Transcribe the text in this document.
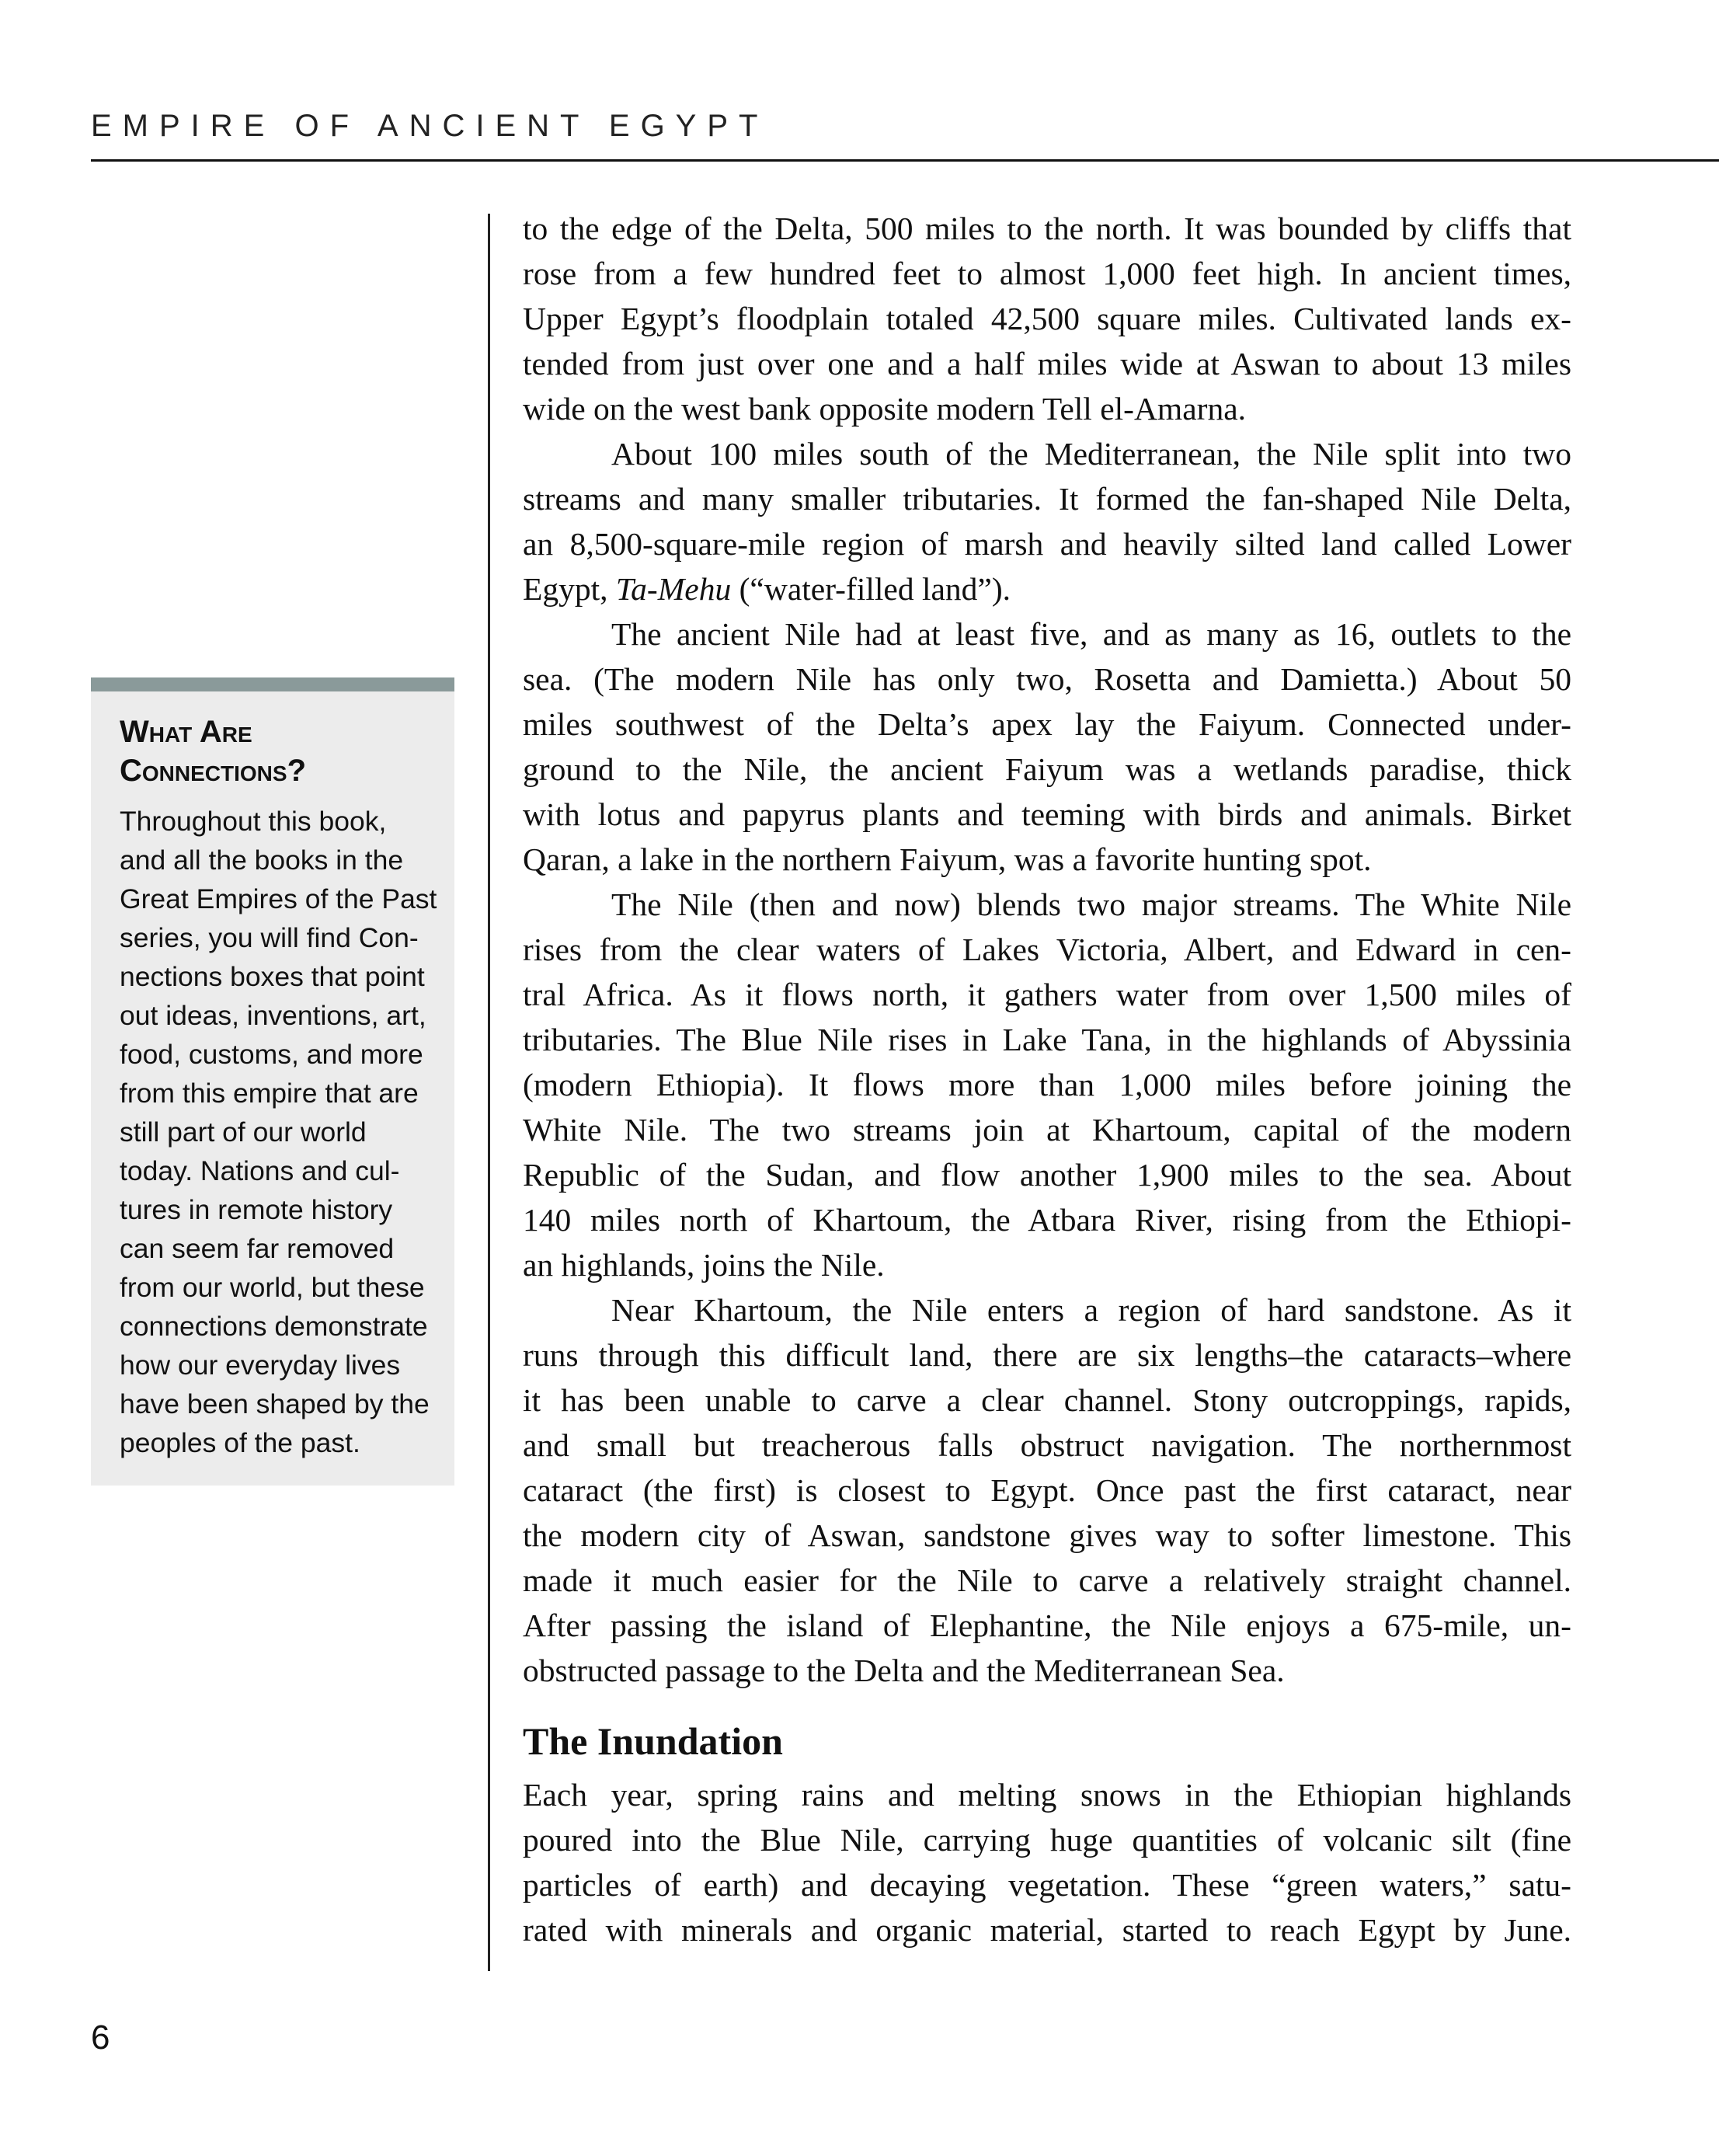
EMPIRE OF ANCIENT EGYPT
What Are
Connections?
Throughout this book,
and all the books in the
Great Empires of the Past
series, you will find Con-
nections boxes that point
out ideas, inventions, art,
food, customs, and more
from this empire that are
still part of our world
today. Nations and cul-
tures in remote history
can seem far removed
from our world, but these
connections demonstrate
how our everyday lives
have been shaped by the
peoples of the past.
to the edge of the Delta, 500 miles to the north. It was bounded by cliffs that
rose from a few hundred feet to almost 1,000 feet high. In ancient times,
Upper Egypt’s floodplain totaled 42,500 square miles. Cultivated lands ex-
tended from just over one and a half miles wide at Aswan to about 13 miles
wide on the west bank opposite modern Tell el-Amarna.
About 100 miles south of the Mediterranean, the Nile split into two
streams and many smaller tributaries. It formed the fan-shaped Nile Delta,
an 8,500-square-mile region of marsh and heavily silted land called Lower
Egypt, Ta-Mehu (“water-filled land”).
The ancient Nile had at least five, and as many as 16, outlets to the
sea. (The modern Nile has only two, Rosetta and Damietta.) About 50
miles southwest of the Delta’s apex lay the Faiyum. Connected under-
ground to the Nile, the ancient Faiyum was a wetlands paradise, thick
with lotus and papyrus plants and teeming with birds and animals. Birket
Qaran, a lake in the northern Faiyum, was a favorite hunting spot.
The Nile (then and now) blends two major streams. The White Nile
rises from the clear waters of Lakes Victoria, Albert, and Edward in cen-
tral Africa. As it flows north, it gathers water from over 1,500 miles of
tributaries. The Blue Nile rises in Lake Tana, in the highlands of Abyssinia
(modern Ethiopia). It flows more than 1,000 miles before joining the
White Nile. The two streams join at Khartoum, capital of the modern
Republic of the Sudan, and flow another 1,900 miles to the sea. About
140 miles north of Khartoum, the Atbara River, rising from the Ethiopi-
an highlands, joins the Nile.
Near Khartoum, the Nile enters a region of hard sandstone. As it
runs through this difficult land, there are six lengths–the cataracts–where
it has been unable to carve a clear channel. Stony outcroppings, rapids,
and small but treacherous falls obstruct navigation. The northernmost
cataract (the first) is closest to Egypt. Once past the first cataract, near
the modern city of Aswan, sandstone gives way to softer limestone. This
made it much easier for the Nile to carve a relatively straight channel.
After passing the island of Elephantine, the Nile enjoys a 675-mile, un-
obstructed passage to the Delta and the Mediterranean Sea.
The Inundation
Each year, spring rains and melting snows in the Ethiopian highlands
poured into the Blue Nile, carrying huge quantities of volcanic silt (fine
particles of earth) and decaying vegetation. These “green waters,” satu-
rated with minerals and organic material, started to reach Egypt by June.
6
